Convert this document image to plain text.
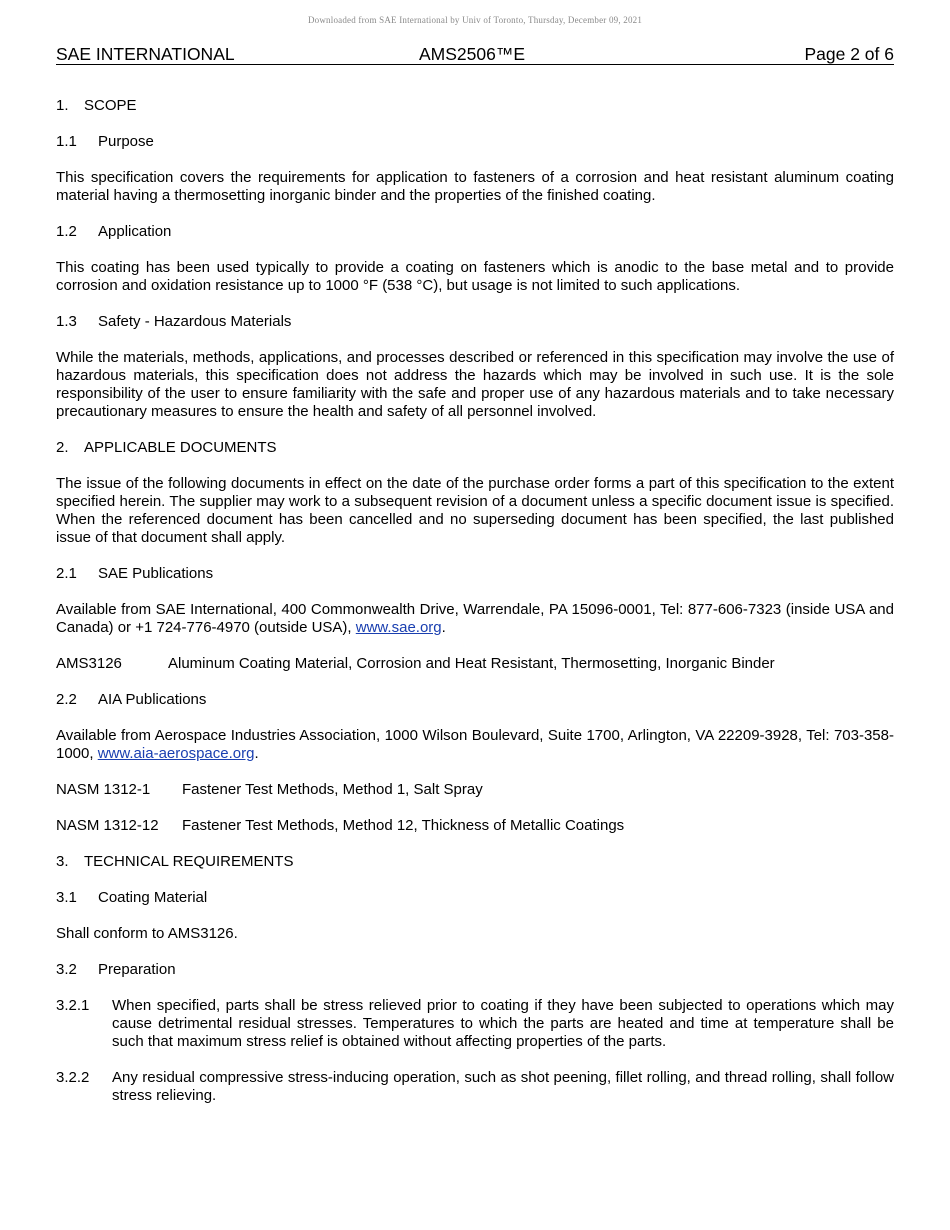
Downloaded from SAE International by Univ of Toronto, Thursday, December 09, 2021
SAE INTERNATIONAL	AMS2506™E	Page 2 of 6

1. SCOPE

1.1 Purpose

This specification covers the requirements for application to fasteners of a corrosion and heat resistant aluminum coating material having a thermosetting inorganic binder and the properties of the finished coating.

1.2 Application

This coating has been used typically to provide a coating on fasteners which is anodic to the base metal and to provide corrosion and oxidation resistance up to 1000 °F (538 °C), but usage is not limited to such applications.

1.3 Safety - Hazardous Materials

While the materials, methods, applications, and processes described or referenced in this specification may involve the use of hazardous materials, this specification does not address the hazards which may be involved in such use. It is the sole responsibility of the user to ensure familiarity with the safe and proper use of any hazardous materials and to take necessary precautionary measures to ensure the health and safety of all personnel involved.

2. APPLICABLE DOCUMENTS

The issue of the following documents in effect on the date of the purchase order forms a part of this specification to the extent specified herein. The supplier may work to a subsequent revision of a document unless a specific document issue is specified. When the referenced document has been cancelled and no superseding document has been specified, the last published issue of that document shall apply.

2.1 SAE Publications

Available from SAE International, 400 Commonwealth Drive, Warrendale, PA 15096-0001, Tel: 877-606-7323 (inside USA and Canada) or +1 724-776-4970 (outside USA), www.sae.org.

AMS3126	Aluminum Coating Material, Corrosion and Heat Resistant, Thermosetting, Inorganic Binder

2.2 AIA Publications

Available from Aerospace Industries Association, 1000 Wilson Boulevard, Suite 1700, Arlington, VA 22209-3928, Tel: 703-358-1000, www.aia-aerospace.org.

NASM 1312-1	Fastener Test Methods, Method 1, Salt Spray
NASM 1312-12	Fastener Test Methods, Method 12, Thickness of Metallic Coatings

3. TECHNICAL REQUIREMENTS

3.1 Coating Material

Shall conform to AMS3126.

3.2 Preparation

3.2.1	When specified, parts shall be stress relieved prior to coating if they have been subjected to operations which may cause detrimental residual stresses. Temperatures to which the parts are heated and time at temperature shall be such that maximum stress relief is obtained without affecting properties of the parts.
3.2.2	Any residual compressive stress-inducing operation, such as shot peening, fillet rolling, and thread rolling, shall follow stress relieving.
